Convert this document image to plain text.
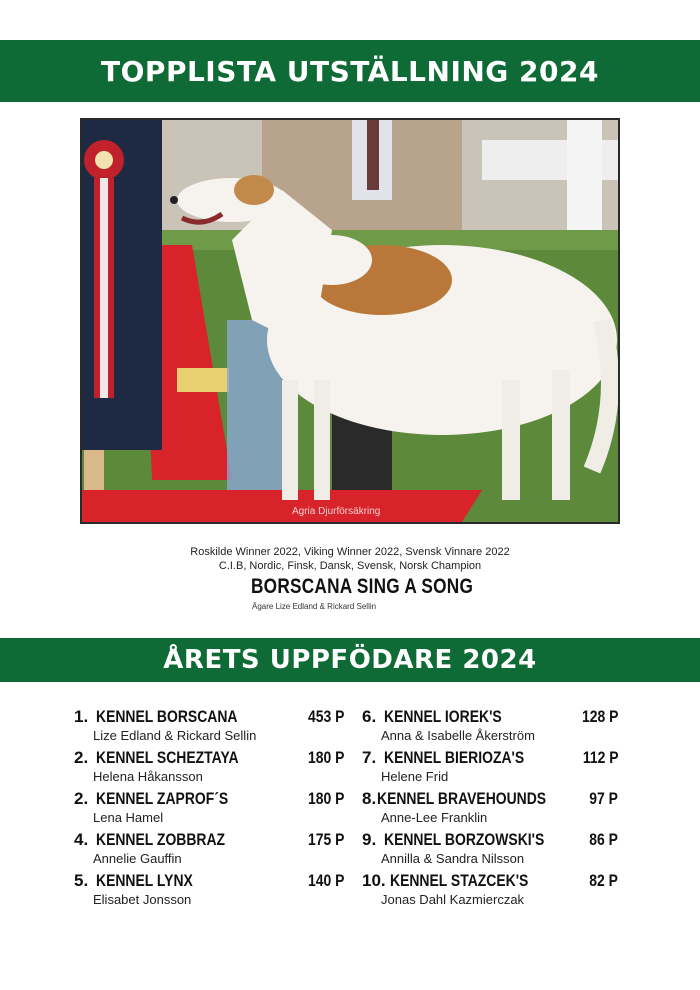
TOPPLISTA UTSTÄLLNING 2024
Agria Djurförsäkring
Roskilde Winner 2022, Viking Winner 2022, Svensk Vinnare 2022
C.I.B, Nordic, Finsk, Dansk, Svensk, Norsk Champion
BORSCANA SING A SONG
Ägare Lize Edland & Rickard Sellin
ÅRETS UPPFÖDARE 2024
1. KENNEL BORSCANA	453 P
Lize Edland & Rickard Sellin
2. KENNEL SCHEZTAYA	180 P
Helena Håkansson
2. KENNEL ZAPROF´S	180 P
Lena Hamel
4. KENNEL ZOBBRAZ	175 P
Annelie Gauffin
5. KENNEL LYNX	140 P
Elisabet Jonsson
6. KENNEL IOREK'S	128 P
Anna & Isabelle Åkerström
7. KENNEL BIERIOZA'S	112 P
Helene Frid
8. KENNEL BRAVEHOUNDS	97 P
Anne-Lee Franklin
9. KENNEL BORZOWSKI'S	86 P
Annilla & Sandra Nilsson
10. KENNEL STAZCEK'S	82 P
Jonas Dahl Kazmierczak
